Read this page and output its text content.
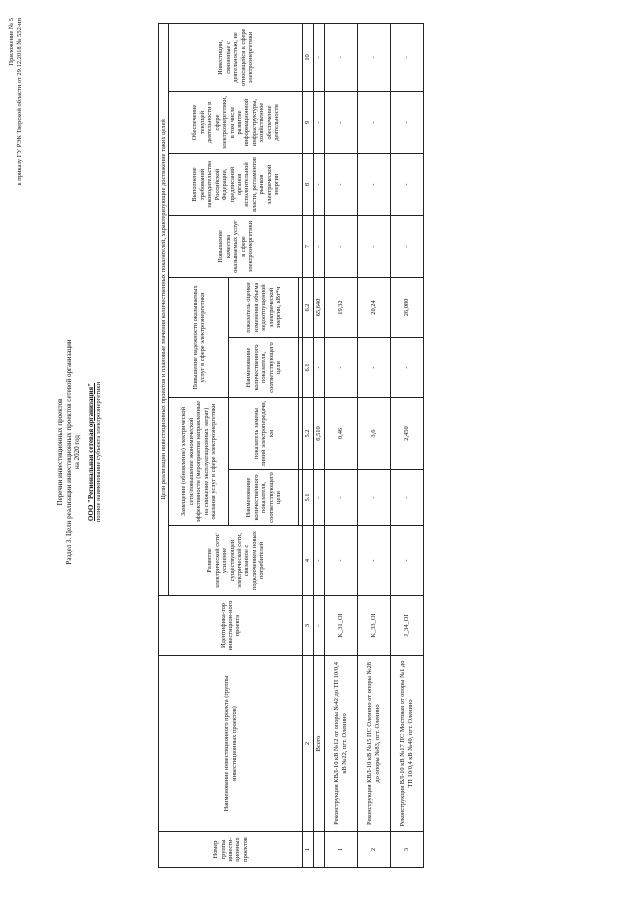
Приложение № 5 к приказу ГУ РЭК Тверской области от 29.12.2018 № 552-нп
Перечни инвестиционных проектов Раздел 3. Цели реализации инвестиционных проектов сетевой организации на 2020 год ООО "Региональная сетевая организация" полное наименование субъекта электроэнергетики
Номер группы инвести-ционных проектов	Наименование инвестиционного проекта (группы инвестиционных проектов)	Идентифика-тор инвестицион-ного проекта	Цели реализации инвестиционных проектов и плановые значения количественных показателей, характеризующие достижение таких целей								
			Развитие электрической сети/усиление существующей электрической сети, связанное с подключением новых потребителей	Замещение (обновление) электрической сети/повышение экономической эффективности (мероприятия направленные на снижение эксплуатационных затрат) оказания услуг в сфере электроэнергетики		Повышение надежности оказываемых услуг в сфере электроэнергетики		Повышение качества оказываемых услуг в сфере электроэнергетики	Выполнение требований законодательства Российской Федерации, предписаний органов исполнительной власти, регламентов рынков электрической энергии	Обеспечение текущей деятельности в сфере электроэнергетики, в том числе развитие информационной инфраструктуры, хозяйственное обеспечение деятельности	Инвестиции, связанные с деятельностью, не относящейся к сфере электроэнергетики
				Наименование количественного показателя, соответствующего цели	показатель замены линий электропередачи, км	Наименование количественного показателя, соответствующего цели	показатель оценки изменения объема недоотпущенной электрической энергии, кВт*ч				

1	2	3	4	5.1	5.2	6.1	6.2	7	8	9	10
	Всего	-	-	-	6,510	-	65,640	-	-	-	-
1	Реконструкция КВЛ-10 кВ №12 от опоры №42 до ТП 10/0,4 кВ №22, пгт. Оленино	K_31_OI	-	-	0,46	-	19,32	-	-	-	-
2	Реконструкция КВЛ-10 кВ №15 ПС Оленино от опоры №28 до опоры №83, пгт. Оленино	K_33_OI	-	-	3,6	-	20,24	-	-	-	-
3	Реконструкция ВЛ-10 кВ №17 ПС Мостовая от опоры №1 до ТП 10/0,4 кВ №40, пгт. Оленино	J_34_OI	-	-	2,450	-	26,080	-	-	-	-
